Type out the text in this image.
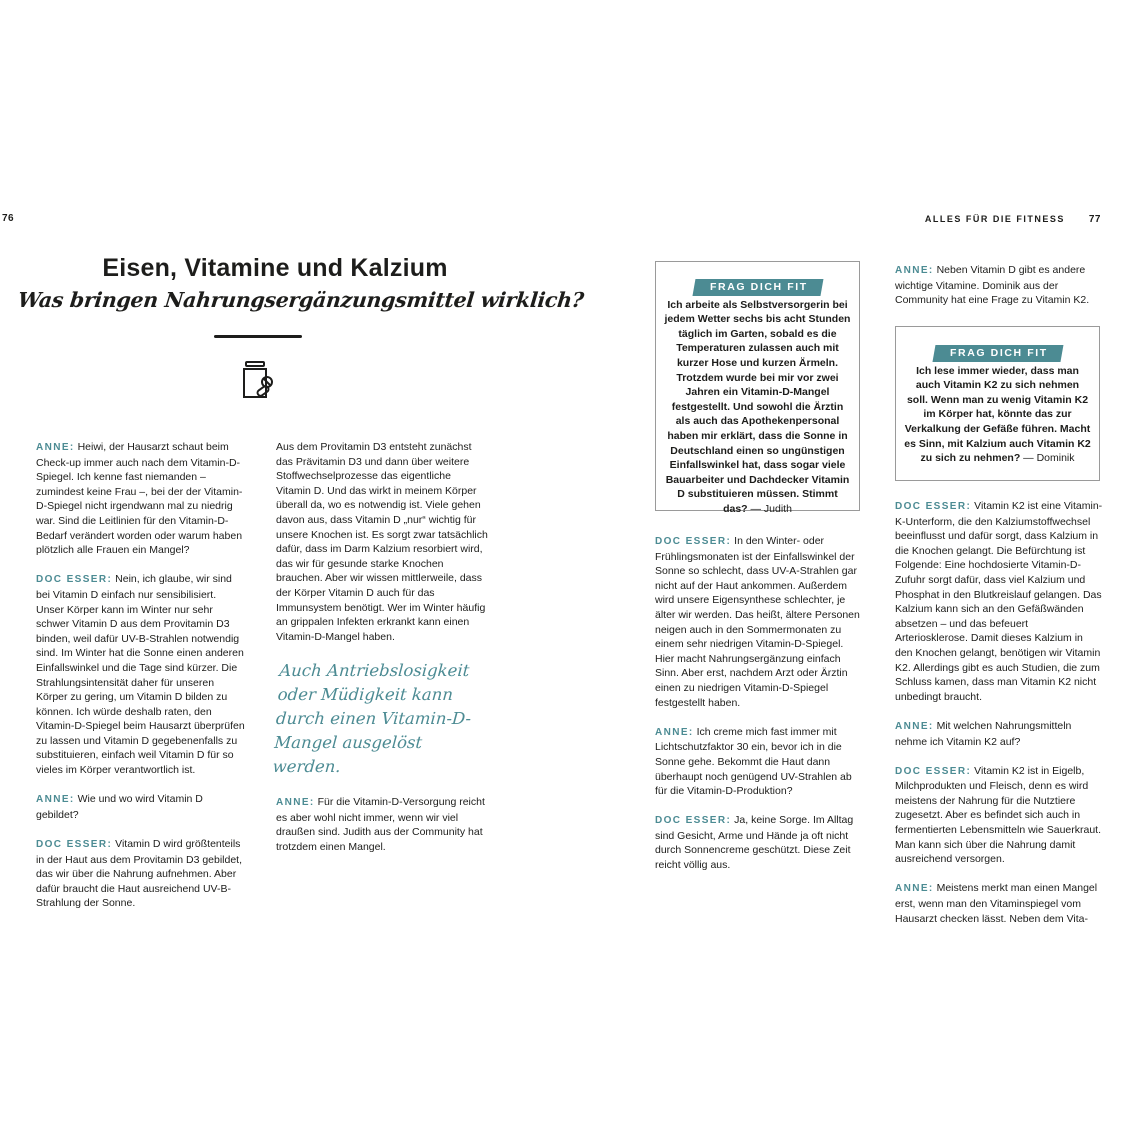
76
Eisen, Vitamine und Kalzium
Was bringen Nahrungsergänzungsmittel wirklich?

ANNE: Heiwi, der Hausarzt schaut beim Check-up immer auch nach dem Vitamin-D-Spiegel. Ich kenne fast niemanden – zumindest keine Frau –, bei der der Vitamin-D-Spiegel nicht irgendwann mal zu niedrig war. Sind die Leitlinien für den Vitamin-D-Bedarf verändert worden oder warum haben plötzlich alle Frauen ein Mangel?

DOC ESSER: Nein, ich glaube, wir sind bei Vitamin D einfach nur sensibilisiert. Unser Körper kann im Winter nur sehr schwer Vitamin D aus dem Provitamin D3 binden, weil dafür UV-B-Strahlen notwendig sind. Im Winter hat die Sonne einen anderen Einfallswinkel und die Tage sind kürzer. Die Strahlungsintensität daher für unseren Körper zu gering, um Vitamin D bilden zu können. Ich würde deshalb raten, den Vitamin-D-Spiegel beim Hausarzt überprüfen zu lassen und Vitamin D gegebenenfalls zu substituieren, einfach weil Vitamin D für so vieles im Körper verantwortlich ist.

ANNE: Wie und wo wird Vitamin D gebildet?

DOC ESSER: Vitamin D wird größtenteils in der Haut aus dem Provitamin D3 gebildet, das wir über die Nahrung aufnehmen. Aber dafür braucht die Haut ausreichend UV-B-Strahlung der Sonne.

Aus dem Provitamin D3 entsteht zunächst das Prävitamin D3 und dann über weitere Stoffwechselprozesse das eigentliche Vitamin D. Und das wirkt in meinem Körper überall da, wo es notwendig ist. Viele gehen davon aus, dass Vitamin D „nur“ wichtig für unsere Knochen ist. Es sorgt zwar tatsächlich dafür, dass im Darm Kalzium resorbiert wird, das wir für gesunde starke Knochen brauchen. Aber wir wissen mittlerweile, dass der Körper Vitamin D auch für das Immunsystem benötigt. Wer im Winter häufig an grippalen Infekten erkrankt kann einen Vitamin-D-Mangel haben.

Auch Antriebslosigkeit oder Müdigkeit kann durch einen Vitamin-D-Mangel ausgelöst werden.

ANNE: Für die Vitamin-D-Versorgung reicht es aber wohl nicht immer, wenn wir viel draußen sind. Judith aus der Community hat trotzdem einen Mangel.

ALLES FÜR DIE FITNESS 77
FRAG DICH FIT
Ich arbeite als Selbstversorgerin bei jedem Wetter sechs bis acht Stunden täglich im Garten, sobald es die Temperaturen zulassen auch mit kurzer Hose und kurzen Ärmeln. Trotzdem wurde bei mir vor zwei Jahren ein Vitamin-D-Mangel festgestellt. Und sowohl die Ärztin als auch das Apothekenpersonal haben mir erklärt, dass die Sonne in Deutschland einen so ungünstigen Einfallswinkel hat, dass sogar viele Bauarbeiter und Dachdecker Vitamin D substituieren müssen. Stimmt das? — Judith

DOC ESSER: In den Winter- oder Frühlingsmonaten ist der Einfallswinkel der Sonne so schlecht, dass UV-A-Strahlen gar nicht auf der Haut ankommen. Außerdem wird unsere Eigensynthese schlechter, je älter wir werden. Das heißt, ältere Personen neigen auch in den Sommermonaten zu einem sehr niedrigen Vitamin-D-Spiegel. Hier macht Nahrungsergänzung einfach Sinn. Aber erst, nachdem Arzt oder Ärztin einen zu niedrigen Vitamin-D-Spiegel festgestellt haben.

ANNE: Ich creme mich fast immer mit Lichtschutzfaktor 30 ein, bevor ich in die Sonne gehe. Bekommt die Haut dann überhaupt noch genügend UV-Strahlen ab für die Vitamin-D-Produktion?

DOC ESSER: Ja, keine Sorge. Im Alltag sind Gesicht, Arme und Hände ja oft nicht durch Sonnencreme geschützt. Diese Zeit reicht völlig aus.

ANNE: Neben Vitamin D gibt es andere wichtige Vitamine. Dominik aus der Community hat eine Frage zu Vitamin K2.

FRAG DICH FIT
Ich lese immer wieder, dass man auch Vitamin K2 zu sich nehmen soll. Wenn man zu wenig Vitamin K2 im Körper hat, könnte das zur Verkalkung der Gefäße führen. Macht es Sinn, mit Kalzium auch Vitamin K2 zu sich zu nehmen? — Dominik

DOC ESSER: Vitamin K2 ist eine Vitamin-K-Unterform, die den Kalziumstoffwechsel beeinflusst und dafür sorgt, dass Kalzium in die Knochen gelangt. Die Befürchtung ist Folgende: Eine hochdosierte Vitamin-D-Zufuhr sorgt dafür, dass viel Kalzium und Phosphat in den Blutkreislauf gelangen. Das Kalzium kann sich an den Gefäßwänden absetzen – und das befeuert Arteriosklerose. Damit dieses Kalzium in den Knochen gelangt, benötigen wir Vitamin K2. Allerdings gibt es auch Studien, die zum Schluss kamen, dass man Vitamin K2 nicht unbedingt braucht.

ANNE: Mit welchen Nahrungsmitteln nehme ich Vitamin K2 auf?

DOC ESSER: Vitamin K2 ist in Eigelb, Milchprodukten und Fleisch, denn es wird meistens der Nahrung für die Nutztiere zugesetzt. Aber es befindet sich auch in fermentierten Lebensmitteln wie Sauerkraut. Man kann sich über die Nahrung damit ausreichend versorgen.

ANNE: Meistens merkt man einen Mangel erst, wenn man den Vitaminspiegel vom Hausarzt checken lässt. Neben dem Vita-
